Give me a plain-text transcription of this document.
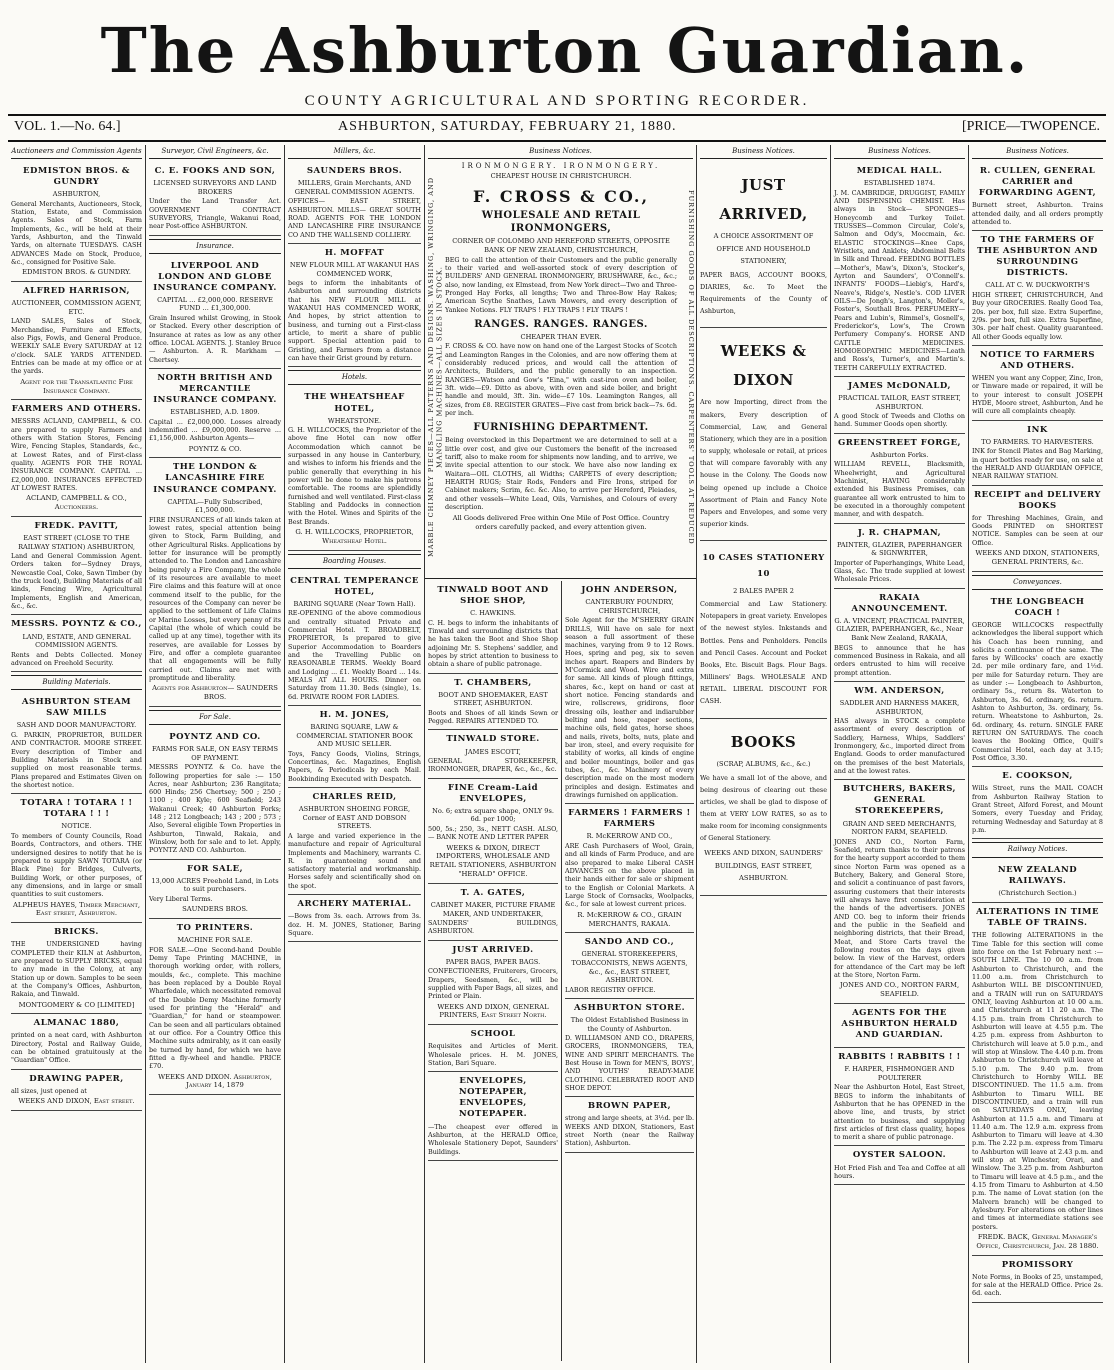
The Ashburton Guardian.
COUNTY AGRICULTURAL AND SPORTING RECORDER.
VOL. 1.—No. 64.]	ASHBURTON, SATURDAY, FEBRUARY 21, 1880.	[PRICE—TWOPENCE.
Auctioneers and Commission Agents
EDMISTON BROS. & GUNDRY
ASHBURTON,
General Merchants, Auctioneers, Stock, Station, Estate, and Commission Agents. Sales of Stock, Farm Implements, &c., will be held at their Yards, Ashburton, and the Tinwald Yards, on alternate TUESDAYS. CASH ADVANCES Made on Stock, Produce, &c., consigned for Positive Sale.
EDMISTON BROS. & GUNDRY.
ALFRED HARRISON,
AUCTIONEER, COMMISSION AGENT, ETC.
LAND SALES, Sales of Stock, Merchandise, Furniture and Effects, also Pigs, Fowls, and General Produce. WEEKLY SALE Every SATURDAY at 12 o'clock. SALE YARDS ATTENDED. Entries can be made at my office or at the yards.
Agent for the Transatlantic Fire Insurance Company.
FARMERS AND OTHERS.
MESSRS ACLAND, CAMPBELL, & CO. are prepared to supply Farmers and others with Station Stores, Fencing Wire, Fencing Staples, Standards, &c., at Lowest Rates, and of First-class quality. AGENTS FOR THE ROYAL INSURANCE COMPANY. CAPITAL ... £2,000,000. INSURANCES EFFECTED AT LOWEST RATES.
ACLAND, CAMPBELL & CO., Auctioneers.
FREDK. PAVITT,
EAST STREET (CLOSE TO THE RAILWAY STATION) ASHBURTON,
Land and General Commission Agent. Orders taken for—Sydney Drays, Newcastle Coal, Coke, Sawn Timber (by the truck load), Building Materials of all kinds, Fencing Wire, Agricultural Implements, English and American, &c., &c.
MESSRS. POYNTZ & CO.,
LAND, ESTATE, AND GENERAL COMMISSION AGENTS.
Rents and Debts Collected. Money advanced on Freehold Security.
Building Materials.
ASHBURTON STEAM SAW MILLS
SASH AND DOOR MANUFACTORY.
G. PARKIN, PROPRIETOR, BUILDER AND CONTRACTOR. MOORE STREET. Every description of Timber and Building Materials in Stock and supplied on most reasonable terms. Plans prepared and Estimates Given on the shortest notice.
TOTARA ! TOTARA ! ! TOTARA ! ! !
NOTICE.
To members of County Councils, Road Boards, Contractors, and others. THE undersigned desires to notify that he is prepared to supply SAWN TOTARA (or Black Pine) for Bridges, Culverts, Building Work, or other purposes, of any dimensions, and in large or small quantities to suit customers.
ALPHEUS HAYES, Timber Merchant, East street, Ashburton.
BRICKS.
THE UNDERSIGNED having COMPLETED their KILN at Ashburton, are prepared to SUPPLY BRICKS, equal to any made in the Colony, at any Station up or down. Samples to be seen at the Company's Offices, Ashburton, Rakaia, and Tinwald.
MONTGOMERY & CO [LIMITED]
ALMANAC 1880,
printed on a neat card, with Ashburton Directory, Postal and Railway Guide, can be obtained gratuitously at the "Guardian" Office.
DRAWING PAPER,
all sizes, just opened at
WEEKS AND DIXON, East street.
Surveyor, Civil Engineers, &c.
C. E. FOOKS AND SON,
LICENSED SURVEYORS AND LAND BROKERS
Under the Land Transfer Act. GOVERNMENT CONTRACT SURVEYORS, Triangle, Wakanui Road, near Post-office ASHBURTON.
Insurance.
LIVERPOOL AND LONDON AND GLOBE INSURANCE COMPANY.
CAPITAL ... £2,000,000. RESERVE FUND ... £1,300,000.
Grain Insured whilst Growing, in Stook or Stacked. Every other description of Insurance at rates as low as any other office. LOCAL AGENTS. J. Stanley Bruce — Ashburton. A. R. Markham — Chertsey.
NORTH BRITISH AND MERCANTILE INSURANCE COMPANY.
ESTABLISHED, A.D. 1809.
Capital ... £2,000,000. Losses already indemnified ... £9,000,000. Reserve ... £1,156,000. Ashburton Agents—
POYNTZ & CO.
THE LONDON & LANCASHIRE FIRE INSURANCE COMPANY.
CAPITAL—Fully Subscribed, £1,500,000.
FIRE INSURANCES of all kinds taken at lowest rates, special attention being given to Stock, Farm Building, and other Agricultural Risks. Applications by letter for insurance will be promptly attended to. The London and Lancashire being purely a Fire Company, the whole of its resources are available to meet Fire claims and this feature will at once commend itself to the public, for the resources of the Company can never be applied to the settlement of Life Claims or Marine Losses, but every penny of its Capital (the whole of which could be called up at any time), together with its reserves, are available for Losses by Fire, and offer a complete guarantee that all engagements will be fully carried out. Claims are met with promptitude and liberality.
Agents for Ashburton— SAUNDERS BROS.
For Sale.
POYNTZ AND CO.
FARMS FOR SALE, ON EASY TERMS OF PAYMENT.
MESSRS POYNTZ & Co. have the following properties for sale :— 150 Acres, near Ashburton; 236 Rangitata; 600 Hinds; 256 Chertsey; 500 ; 250 ; 1100 ; 400 Kyle; 600 Seafield; 243 Wakanui Creek; 40 Ashburton Forks; 148 ; 212 Longbeach; 143 ; 200 ; 573 ; Also, Several eligible Town Properties in Ashburton, Tinwald, Rakaia, and Winslow, both for sale and to let. Apply, POYNTZ AND CO. Ashburton.
FOR SALE,
13,000 ACRES Freehold Land, in Lots to suit purchasers.
Very Liberal Terms.
SAUNDERS BROS.
TO PRINTERS.
MACHINE FOR SALE.
FOR SALE.—One Second-hand Double Demy Tape Printing MACHINE, in thorough working order, with rollers, moulds, &c., complete. This machine has been replaced by a Double Royal Wharfedale, which necessitated removal of the Double Demy Machine formerly used for printing the "Herald" and "Guardian," for hand or steampower. Can be seen and all particulars obtained at our office. For a Country Office this Machine suits admirably, as it can easily be turned by hand, for which we have fitted a fly-wheel and handle. PRICE £70.
WEEKS AND DIXON. Ashburton, January 14, 1879
Millers, &c.
SAUNDERS BROS.
MILLERS, Grain Merchants, AND GENERAL COMMISSION AGENTS.
OFFICES— EAST STREET, ASHBURTON. MILLS— GREAT SOUTH ROAD. AGENTS FOR THE LONDON AND LANCASHIRE FIRE INSURANCE CO AND THE WALLSEND COLLIERY.
H. MOFFAT
NEW FLOUR MILL AT WAKANUI HAS COMMENCED WORK,
begs to inform the inhabitants of Ashburton and surrounding districts that his NEW FLOUR MILL at WAKANUI HAS COMMENCED WORK, And hopes, by strict attention to business, and turning out a First-class article, to merit a share of public support. Special attention paid to Gristing, and Farmers from a distance can have their Grist ground by return.
Hotels.
THE WHEATSHEAF HOTEL,
WHEATSTONE.
G. H. WILLCOCKS, the Proprietor of the above fine Hotel can now offer Accommodation which cannot be surpassed in any house in Canterbury, and wishes to inform his friends and the public generally that everything in his power will be done to make his patrons comfortable. The rooms are splendidly furnished and well ventilated. First-class Stabling and Paddocks in connection with the Hotel. Wines and Spirits of the Best Brands.
G. H. WILLCOCKS, PROPRIETOR, Wheatsheaf Hotel.
Boarding Houses.
CENTRAL TEMPERANCE HOTEL,
BARING SQUARE (Near Town Hall).
RE-OPENING of the above commodious and centrally situated Private and Commercial Hotel. T. BROADBELT, PROPRIETOR, Is prepared to give Superior Accommodation to Boarders and the Travelling Public on REASONABLE TERMS. Weekly Board and Lodging ... £1. Weekly Board ... 14s. MEALS AT ALL HOURS. Dinner on Saturday from 11.30. Beds (single), 1s. 6d. PRIVATE ROOM FOR LADIES.
H. M. JONES,
BARING SQUARE, LAW & COMMERCIAL STATIONER BOOK AND MUSIC SELLER.
Toys, Fancy Goods, Violins, Strings, Concertinas, &c. Magazines, English Papers, & Periodicals by each Mail. Bookbinding Executed with Despatch.
CHARLES REID,
ASHBURTON SHOEING FORGE, Corner of EAST AND DOBSON STREETS.
A large and varied experience in the manufacture and repair of Agricultural Implements and Machinery, warrants C. R. in guaranteeing sound and satisfactory material and workmanship. Horses safely and scientifically shod on the spot.
ARCHERY MATERIAL.
—Bows from 3s. each. Arrows from 3s. doz. H. M. JONES, Stationer, Baring Square.
Business Notices.
MARBLE CHIMNEY PIECES—ALL PATTERNS AND DESIGNS. WASHING, WRINGING, AND MANGLING MACHINES—ALL SIZES IN STOCK.	FURNISHING GOODS OF ALL DESCRIPTIONS. CARPENTERS' TOOLS AT REDUCED
IRONMONGERY. IRONMONGERY.
CHEAPEST HOUSE IN CHRISTCHURCH.
F. CROSS & CO.,
WHOLESALE AND RETAIL IRONMONGERS,
CORNER OF COLOMBO AND HEREFORD STREETS, OPPOSITE BANK OF NEW ZEALAND, CHRISTCHURCH,
BEG to call the attention of their Customers and the public generally to their varied and well-assorted stock of every description of BUILDERS' AND GENERAL IRONMONGERY, BRUSHWARE, &c., &c.; also, now landing, ex Elmstead, from New York direct—Two and Three-Pronged Hay Forks, all lengths; Two and Three-Bow Hay Rakes; American Scythe Snathes, Lawn Mowers, and every description of Yankee Notions. FLY TRAPS ! FLY TRAPS ! FLY TRAPS !
RANGES. RANGES. RANGES.
CHEAPER THAN EVER.
F. CROSS & CO. have now on hand one of the Largest Stocks of Scotch and Leamington Ranges in the Colonies, and are now offering them at considerably reduced prices, and would call the attention of Architects, Builders, and the public generally to an inspection. RANGES—Watson and Gow's "Eina," with cast-iron oven and boiler, 3ft. wide—£9. Ditto as above, with oven and side boiler, and bright handle and mould, 3ft. 3in. wide—£7 10s. Leamington Ranges, all sizes, from £8. REGISTER GRATES—Five cast from brick back—7s. 6d. per inch.
FURNISHING DEPARTMENT.
Being overstocked in this Department we are determined to sell at a little over cost, and give our Customers the benefit of the increased tariff, also to make room for shipments now landing, and to arrive, we invite special attention to our stock. We have also now landing ex Waitara—OIL CLOTHS, all Widths; CARPETS of every description; HEARTH RUGS; Stair Rods, Fenders and Fire Irons, striped for Cabinet makers; Scrim, &c. &c. Also, to arrive per Hereford, Pleiades, and other vessels—White Lead, Oils, Varnishes, and Colours of every description.
All Goods delivered Free within One Mile of Post Office. Country orders carefully packed, and every attention given.
TINWALD BOOT AND SHOE SHOP,
C. HAWKINS.
C. H. begs to inform the inhabitants of Tinwald and surrounding districts that he has taken the Boot and Shoe Shop adjoining Mr. S. Stephens' saddler, and hopes by strict attention to business to obtain a share of public patronage.
T. CHAMBERS,
BOOT AND SHOEMAKER, EAST STREET, ASHBURTON.
Boots and Shoes of all kinds Sewn or Pegged. REPAIRS ATTENDED TO.
TINWALD STORE.
JAMES ESCOTT,
GENERAL STOREKEEPER, IRONMONGER, DRAPER, &c., &c., &c.
FINE Cream-Laid ENVELOPES,
No. 6; extra square shape, ONLY 9s. 6d. per 1000;
500, 5s.; 250, 3s., NETT CASH. ALSO,— BANK NOTE AND LETTER PAPER
WEEKS & DIXON, DIRECT IMPORTERS, WHOLESALE AND RETAIL STATIONERS, ASHBURTON "HERALD" OFFICE.
T. A. GATES,
CABINET MAKER, PICTURE FRAME MAKER, AND UNDERTAKER,
SAUNDERS' BUILDINGS, ASHBURTON.
JUST ARRIVED.
PAPER BAGS, PAPER BAGS.
CONFECTIONERS, Fruiterers, Grocers, Drapers, Seedsmen, &c., will be supplied with Paper Bags, all sizes, and Printed or Plain.
WEEKS AND DIXON, GENERAL PRINTERS, East Street North.
SCHOOL
Requisites and Articles of Merit. Wholesale prices. H. M. JONES, Station, Bari Square.
ENVELOPES, NOTEPAPER, ENVELOPES, NOTEPAPER.
—The cheapest ever offered in Ashburton, at the HERALD Office, Wholesale Stationery Depot, Saunders' Buildings.
JOHN ANDERSON,
CANTERBURY FOUNDRY, CHRISTCHURCH,
Sole Agent for the M'SHERRY GRAIN DRILLS, Will have on sale for next season a full assortment of these machines, varying from 9 to 12 Rows. Hoes, spring and peg, six to seven inches apart. Reapers and Binders by M'Cormick and Wood. Wire and extra for same. All kinds of plough fittings, shares, &c., kept on hand or cast at short notice. Fencing standards and wire, rollscrews, gridirons, floor dressing oils, leather and indiarubber belting and hose, reaper sections, machine oils, field gates, horse shoes and nails, rivets, bolts, nuts, plate and bar iron, steel, and every requisite for stability of works, all kinds of engine and boiler mountings, boiler and gas tubes, &c., &c. Machinery of every description made on the most modern principles and design. Estimates and drawings furnished on application.
FARMERS ! FARMERS ! FARMERS
R. McKERROW AND CO.,
ARE Cash Purchasers of Wool, Grain, and all kinds of Farm Produce, and are also prepared to make Liberal CASH ADVANCES on the above placed in their hands either for sale or shipment to the English or Colonial Markets. A Large Stock of Cornsacks, Woolpacks, &c., for sale at lowest current prices.
R. McKERROW & CO., GRAIN MERCHANTS, RAKAIA.
SANDO AND CO.,
GENERAL STOREKEEPERS, TOBACCONISTS, NEWS AGENTS, &c., &c., EAST STREET, ASHBURTON.
LABOR REGISTRY OFFICE.
ASHBURTON STORE.
The Oldest Established Business in the County of Ashburton.
D. WILLIAMSON AND CO., DRAPERS, GROCERS, IRONMONGERS, TEA, WINE AND SPIRIT MERCHANTS. The Best House in Town for MEN'S, BOYS', AND YOUTHS' READY-MADE CLOTHING. CELEBRATED ROOT AND SHOE DEPOT.
BROWN PAPER,
strong and large sheets, at 3½d. per lb. WEEKS AND DIXON, Stationers, East street North (near the Railway Station), Ashburton.
Business Notices.
JUST ARRIVED,
A CHOICE ASSORTMENT OF OFFICE AND HOUSEHOLD STATIONERY,
PAPER BAGS, ACCOUNT BOOKS, DIARIES, &c. To Meet the Requirements of the County of Ashburton,
WEEKS & DIXON
Are now Importing, direct from the makers, Every description of Commercial, Law, and General Stationery, which they are in a position to supply, wholesale or retail, at prices that will compare favorably with any house in the Colony. The Goods now being opened up include a Choice Assortment of Plain and Fancy Note Papers and Envelopes, and some very superior kinds.
10 CASES STATIONERY 10
2 BALES PAPER 2
Commercial and Law Stationery. Notepapers in great variety. Envelopes of the newest styles. Inkstands and Bottles. Pens and Penholders. Pencils and Pencil Cases. Account and Pocket Books, Etc. Biscuit Bags. Flour Bags. Milliners' Bags. WHOLESALE AND RETAIL. LIBERAL DISCOUNT FOR CASH.
BOOKS
(SCRAP, ALBUMS, &c., &c.)
We have a small lot of the above, and being desirous of clearing out these articles, we shall be glad to dispose of them at VERY LOW RATES, so as to make room for incoming consignments of General Stationery.
WEEKS AND DIXON, SAUNDERS' BUILDINGS, EAST STREET, ASHBURTON.
Business Notices.
MEDICAL HALL.
ESTABLISHED 1874.
J. M. CAMBRIDGE, DRUGGIST, FAMILY AND DISPENSING CHEMIST. Has always in Stock— SPONGES—Honeycomb and Turkey Toilet. TRUSSES—Common Circular, Cole's, Salmon and Ody's, Moccmain, &c. ELASTIC STOCKINGS—Knee Caps, Wristlets, and Anklets; Abdominal Belts in Silk and Thread. FEEDING BOTTLES—Mother's, Maw's, Dixon's, Stocker's, Ayrton and Saunders', O'Connell's. INFANTS' FOODS—Liebig's, Hard's, Neave's, Ridge's, Nestle's. COD LIVER OILS—De Jongh's, Langton's, Moller's, Foster's, Southall Bros. PERFUMERY—Pears and Lubin's, Rimmel's, Gosnell's, Frederickor's, Low's, The Crown Perfumery Company's. HORSE AND CATTLE MEDICINES. HOMOEOPATHIC MEDICINES—Leath and Ross's, Turner's, and Martin's. TEETH CAREFULLY EXTRACTED.
JAMES McDONALD,
PRACTICAL TAILOR, EAST STREET, ASHBURTON.
A good Stock of Tweeds and Cloths on hand. Summer Goods open shortly.
GREENSTREET FORGE,
Ashburton Forks.
WILLIAM REVELL, Blacksmith, Wheelwright, and Agricultural Machinist, HAVING considerably extended his Business Premises, can guarantee all work entrusted to him to be executed in a thoroughly competent manner, and with despatch.
J. R. CHAPMAN,
PAINTER, GLAZIER, PAPERHANGER & SIGNWRITER,
Importer of Paperhangings, White Lead, Glass, &c. The trade supplied at lowest Wholesale Prices.
RAKAIA ANNOUNCEMENT.
G. A. VINCENT, PRACTICAL PAINTER, GLAZIER, PAPERHANGER, &c., Near Bank New Zealand, RAKAIA,
BEGS to announce that he has commenced Business in Rakaia, and all orders entrusted to him will receive prompt attention.
WM. ANDERSON,
SADDLER AND HARNESS MAKER, ASHBURTON,
HAS always in STOCK a complete assortment of every description of Saddlery, Harness, Whips, Saddlers' Ironmongery, &c., imported direct from England. Goods to order manufactured on the premises of the best Materials, and at the lowest rates.
BUTCHERS, BAKERS, GENERAL STOREKEEPERS,
GRAIN AND SEED MERCHANTS, NORTON FARM, SEAFIELD.
JONES AND CO., Norton Farm, Seafield, return thanks to their patrons for the hearty support accorded to them since Norton Farm was opened as a Butchery, Bakery, and General Store, and solicit a continuance of past favors, assuring customers that their interests will always have first consideration at the hands of the advertisers. JONES AND CO. beg to inform their friends and the public in the Seafield and neighboring districts, that their Bread, Meat, and Store Carts travel the following routes on the days given below. In view of the Harvest, orders for attendance of the Cart may be left at the Store, Norton Farm.
JONES AND CO., NORTON FARM, SEAFIELD.
AGENTS FOR THE ASHBURTON HERALD AND GUARDIAN.
RABBITS ! RABBITS ! !
F. HARPER, FISHMONGER AND POULTERER
Near the Ashburton Hotel, East Street, BEGS to inform the inhabitants of Ashburton that he has OPENED in the above line, and trusts, by strict attention to business, and supplying first articles of first class quality, hopes to merit a share of public patronage.
OYSTER SALOON.
Hot Fried Fish and Tea and Coffee at all hours.
Business Notices.
R. CULLEN, GENERAL CARRIER and FORWARDING AGENT,
Burnett street, Ashburton. Trains attended daily, and all orders promptly attended to.
TO THE FARMERS OF THE ASHBURTON AND SURROUNDING DISTRICTS.
CALL AT C. W. DUCKWORTH'S
HIGH STREET, CHRISTCHURCH, And Buy your GROCERIES. Really Good Tea, 20s. per box, full size. Extra Superfine, 2/9s. per box, full size. Extra Superfine, 30s. per half chest. Quality guaranteed. All other Goods equally low.
NOTICE TO FARMERS AND OTHERS.
WHEN you want any Copper, Zinc, Iron, or Tinware made or repaired, it will be to your interest to consult JOSEPH HYDE, Moore street, Ashburton, And he will cure all complaints cheaply.
INK
TO FARMERS. TO HARVESTERS.
INK for Stencil Plates and Bag Marking, in quart bottles ready for use, on sale at the HERALD AND GUARDIAN OFFICE, NEAR RAILWAY STATION.
RECEIPT and DELIVERY BOOKS
for Threshing Machines, Grain, and Goods PRINTED on SHORTEST NOTICE. Samples can be seen at our Office.
WEEKS AND DIXON, STATIONERS, GENERAL PRINTERS, &c.
Conveyances.
THE LONGBEACH COACH !
GEORGE WILLCOCKS respectfully acknowledges the liberal support which his Coach has been running, and solicits a continuance of the same. The fares by Willcocks' coach are exactly 2d. per mile ordinary fare, and 1½d. per mile for Saturday return. They are as under :— Longbeach to Ashburton, ordinary 5s., return 8s. Waterton to Ashburton, 3s. 6d. ordinary, 6s. return. Ashton to Ashburton, 3s. ordinary, 5s. return. Wheatstone to Ashburton, 2s. 6d. ordinary, 4s. return. SINGLE FARE RETURN ON SATURDAYS. The coach leaves the Booking Office, Quill's Commercial Hotel, each day at 3.15; Post Office, 3.30.
E. COOKSON,
Wills Street, runs the MAIL COACH from Ashburton Railway Station to Grant Street, Alford Forest, and Mount Somers, every Tuesday and Friday, returning Wednesday and Saturday at 8 p.m.
Railway Notices.
NEW ZEALAND RAILWAYS.
(Christchurch Section.)
ALTERATIONS IN TIME TABLE OF TRAINS.
THE following ALTERATIONS in the Time Table for this section will come into force on the 1st February next :— SOUTH LINE. The 10 00 a.m. from Ashburton to Christchurch, and the 11.00 a.m. from Christchurch to Ashburton WILL BE DISCONTINUED, and a TRAIN will run on SATURDAYS ONLY, leaving Ashburton at 10 00 a.m. and Christchurch at 11 20 a.m. The 4.15 p.m. train from Christchurch to Ashburton will leave at 4.55 p.m. The 4.25 p.m. express from Ashburton to Christchurch will leave at 5.0 p.m., and will stop at Winslow. The 4.40 p.m. from Ashburton to Christchurch will leave at 5.10 p.m. The 9.40 p.m. from Christchurch to Hornby WILL BE DISCONTINUED. The 11.5 a.m. from Ashburton to Timaru WILL BE DISCONTINUED, and a train will run on SATURDAYS ONLY, leaving Ashburton at 11.5 a.m. and Timaru at 11.40 a.m. The 12.9 a.m. express from Ashburton to Timaru will leave at 4.30 p.m. The 2.22 p.m. express from Timaru to Ashburton will leave at 2.43 p.m. and will stop at Winchester, Orari, and Winslow. The 3.25 p.m. from Ashburton to Timaru will leave at 4.5 p.m., and the 4.15 from Timaru to Ashburton at 4.50 p.m. The name of Lovat station (on the Malvern branch) will be changed to Aylesbury. For alterations on other lines and times at intermediate stations see posters.
FREDK. BACK, General Manager's Office, Christchurch, Jan. 28 1880.
PROMISSORY
Note Forms, in Books of 25, unstamped, for sale at the HERALD Office. Price 2s. 6d. each.
